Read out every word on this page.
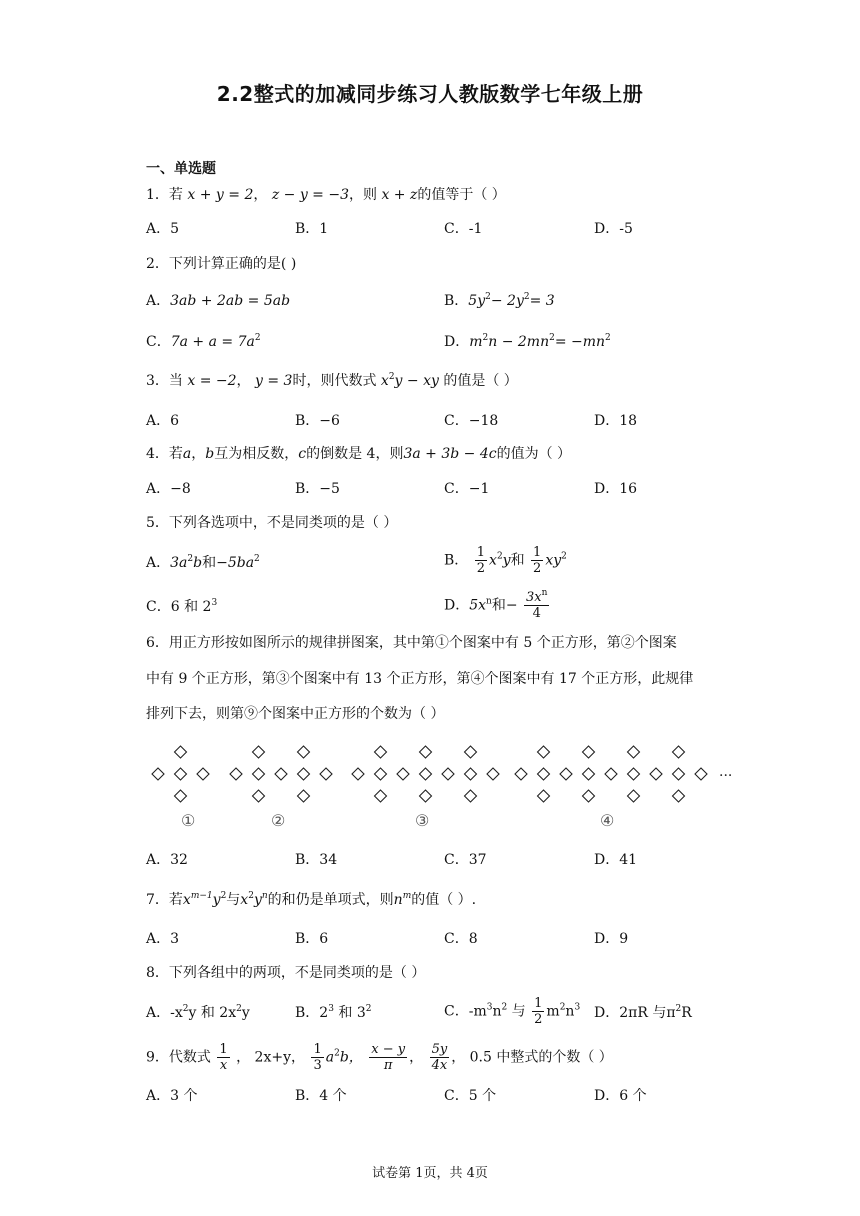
2.2整式的加减同步练习人教版数学七年级上册
一、单选题
1．若 x + y = 2， z − y = −3，则 x + z的值等于（ ）
A．5	B．1	C．-1	D．-5
2．下列计算正确的是( )
A．3ab + 2ab = 5ab	B．$5y^2- 2y^2= 3$
C．$7a + a = 7a^2$	D．$m^2n - 2mn^2= -mn^2$
3．当 x = −2， y = 3时，则代数式 $x^2y$ − xy 的值是（ ）
A．6	B．−6	C．−18	D．18
4．若a，b互为相反数，c的倒数是 4，则3a + 3b − 4c的值为（ ）
A．−8	B．−5	C．−1	D．16
5．下列各选项中，不是同类项的是（ ）
A．$3a^2b$和$-5ba^2$	B． $\frac{1}{2} x^2y$和 $\frac{1}{2} xy^2$
C．6 和 $2^3$	D．$5x^n$和− $\frac{3x^n}{4}$
6．用正方形按如图所示的规律拼图案，其中第①个图案中有 5 个正方形，第②个图案
中有 9 个正方形，第③个图案中有 13 个正方形，第④个图案中有 17 个正方形，此规律
排列下去，则第⑨个图案中正方形的个数为（ ）
①	②	③	④
···
A．32	B．34	C．37	D．41
7．若$x^{m-1}y^2$与$x^2y^n$的和仍是单项式，则$n^m$的值（ ）.
A．3	B．6	C．8	D．9
8．下列各组中的两项，不是同类项的是（ ）
A．$-x^2y$ 和 $2x^2y$	B．$2^3$ 和 $3^2$	C．$-m^3n^2$ 与 $\frac{1}{2} m^2n^3$ D．2πR 与$\pi^2R$
9．代数式 $\frac{1}{x}$ ， 2x+y， $\frac{1}{3} a^2b$， $\frac{x - y}{\pi}$ ， $\frac{5y}{4x}$ ， 0.5 中整式的个数（ ）
A．3 个	B．4 个	C．5 个	D．6 个
试卷第 1页，共 4页
